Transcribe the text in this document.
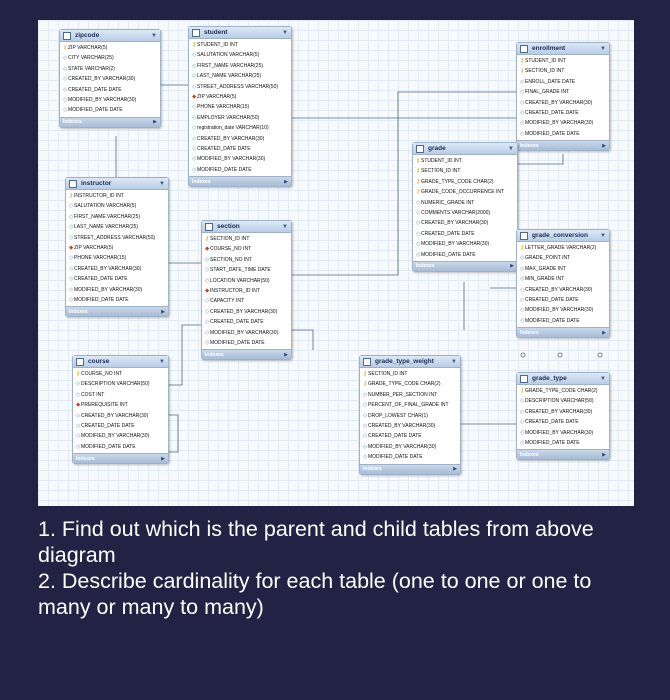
zipcode	▼
⚷ ZIP VARCHAR(5)
◇ CITY VARCHAR(25)
◇ STATE VARCHAR(2)
◇ CREATED_BY VARCHAR(30)
◇ CREATED_DATE DATE
◇ MODIFIED_BY VARCHAR(30)
◇ MODIFIED_DATE DATE
Indexes	▶
student	▼
⚷ STUDENT_ID INT
◇ SALUTATION VARCHAR(5)
◇ FIRST_NAME VARCHAR(25)
◇ LAST_NAME VARCHAR(25)
◇ STREET_ADDRESS VARCHAR(50)
◆ ZIP VARCHAR(5)
◇ PHONE VARCHAR(15)
◇ EMPLOYER VARCHAR(50)
◇ registration_date VARCHAR(10)
◇ CREATED_BY VARCHAR(30)
◇ CREATED_DATE DATE
◇ MODIFIED_BY VARCHAR(30)
◇ MODIFIED_DATE DATE
Indexes	▶
enrollment	▼
⚷ STUDENT_ID INT
⚷ SECTION_ID INT
◇ ENROLL_DATE DATE
◇ FINAL_GRADE INT
◇ CREATED_BY VARCHAR(30)
◇ CREATED_DATE DATE
◇ MODIFIED_BY VARCHAR(30)
◇ MODIFIED_DATE DATE
Indexes	▶
instructor	▼
⚷ INSTRUCTOR_ID INT
◇ SALUTATION VARCHAR(5)
◇ FIRST_NAME VARCHAR(25)
◇ LAST_NAME VARCHAR(25)
◇ STREET_ADDRESS VARCHAR(50)
◆ ZIP VARCHAR(5)
◇ PHONE VARCHAR(15)
◇ CREATED_BY VARCHAR(30)
◇ CREATED_DATE DATE
◇ MODIFIED_BY VARCHAR(30)
◇ MODIFIED_DATE DATE
Indexes	▶
grade	▼
⚷ STUDENT_ID INT
⚷ SECTION_ID INT
⚷ GRADE_TYPE_CODE CHAR(2)
⚷ GRADE_CODE_OCCURRENCE INT
◇ NUMERIC_GRADE INT
◇ COMMENTS VARCHAR(2000)
◇ CREATED_BY VARCHAR(30)
◇ CREATED_DATE DATE
◇ MODIFIED_BY VARCHAR(30)
◇ MODIFIED_DATE DATE
Indexes	▶
section	▼
⚷ SECTION_ID INT
◆ COURSE_NO INT
◇ SECTION_NO INT
◇ START_DATE_TIME DATE
◇ LOCATION VARCHAR(50)
◆ INSTRUCTOR_ID INT
◇ CAPACITY INT
◇ CREATED_BY VARCHAR(30)
◇ CREATED_DATE DATE
◇ MODIFIED_BY VARCHAR(30)
◇ MODIFIED_DATE DATE
Indexes	▶
grade_conversion	▼
⚷ LETTER_GRADE VARCHAR(2)
◇ GRADE_POINT INT
◇ MAX_GRADE INT
◇ MIN_GRADE INT
◇ CREATED_BY VARCHAR(30)
◇ CREATED_DATE DATE
◇ MODIFIED_BY VARCHAR(30)
◇ MODIFIED_DATE DATE
Indexes	▶
course	▼
⚷ COURSE_NO INT
◇ DESCRIPTION VARCHAR(50)
◇ COST INT
◆ PREREQUISITE INT
◇ CREATED_BY VARCHAR(30)
◇ CREATED_DATE DATE
◇ MODIFIED_BY VARCHAR(30)
◇ MODIFIED_DATE DATE
Indexes	▶
grade_type_weight	▼
⚷ SECTION_ID INT
⚷ GRADE_TYPE_CODE CHAR(2)
◇ NUMBER_PER_SECTION INT
◇ PERCENT_OF_FINAL_GRADE INT
◇ DROP_LOWEST CHAR(1)
◇ CREATED_BY VARCHAR(30)
◇ CREATED_DATE DATE
◇ MODIFIED_BY VARCHAR(30)
◇ MODIFIED_DATE DATE
Indexes	▶
grade_type	▼
⚷ GRADE_TYPE_CODE CHAR(2)
◇ DESCRIPTION VARCHAR(50)
◇ CREATED_BY VARCHAR(30)
◇ CREATED_DATE DATE
◇ MODIFIED_BY VARCHAR(30)
◇ MODIFIED_DATE DATE
Indexes	▶
1. Find out which is the parent and child tables from above diagram
2. Describe cardinality for each table (one to one or one to many or many to many)
